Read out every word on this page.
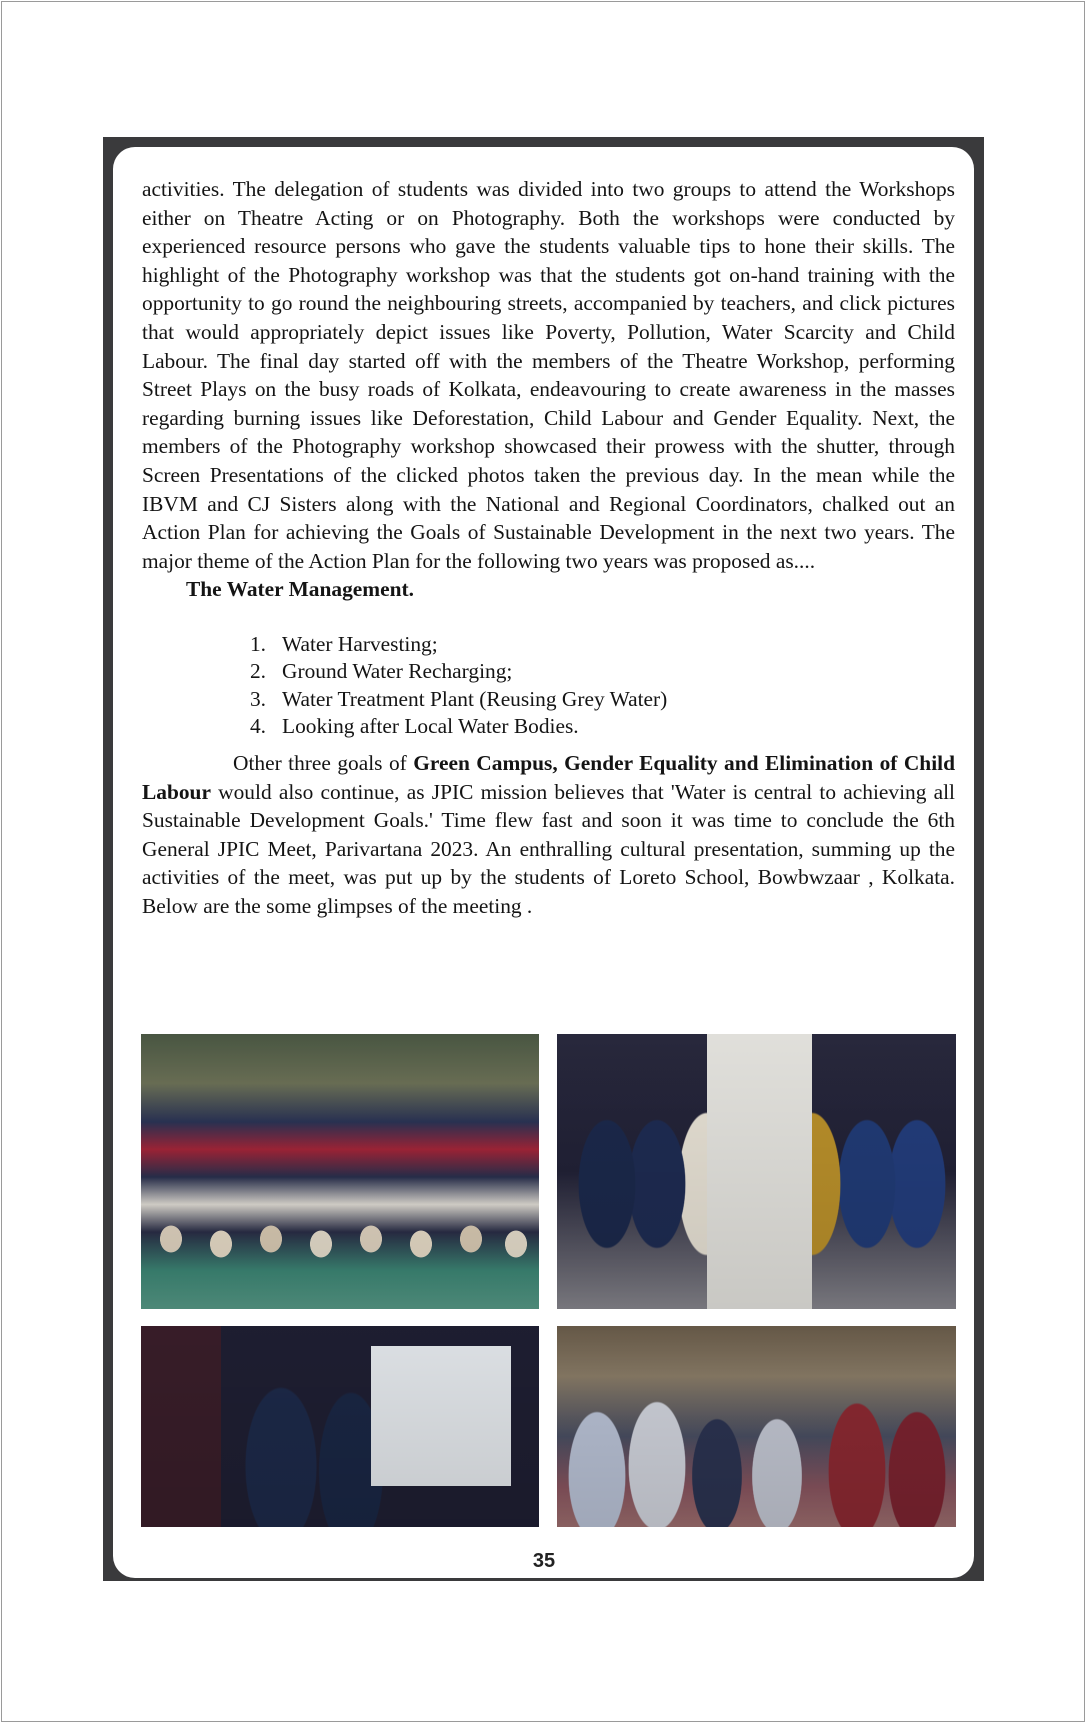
activities. The delegation of students was divided into two groups to attend the Workshops either on Theatre Acting or on Photography. Both the workshops were conducted by experienced resource persons who gave the students valuable tips to hone their skills. The highlight of the Photography workshop was that the students got on-hand training with the opportunity to go round the neighbouring streets, accompanied by teachers, and click pictures that would appropriately depict issues like Poverty, Pollution, Water Scarcity and Child Labour. The final day started off with the members of the Theatre Workshop, performing Street Plays on the busy roads of Kolkata, endeavouring to create awareness in the masses regarding burning issues like Deforestation, Child Labour and Gender Equality. Next, the members of the Photography workshop showcased their prowess with the shutter, through Screen Presentations of the clicked photos taken the previous day. In the mean while the IBVM and CJ Sisters along with the National and Regional Coordinators, chalked out an Action Plan for achieving the Goals of Sustainable Development in the next two years. The major theme of the Action Plan for the following two years was proposed as....

The Water Management.

1. Water Harvesting;
2. Ground Water Recharging;
3. Water Treatment Plant (Reusing Grey Water)
4. Looking after Local Water Bodies.

Other three goals of Green Campus, Gender Equality and Elimination of Child Labour would also continue, as JPIC mission believes that 'Water is central to achieving all Sustainable Development Goals.' Time flew fast and soon it was time to conclude the 6th General JPIC Meet, Parivartana 2023. An enthralling cultural presentation, summing up the activities of the meet, was put up by the students of Loreto School, Bowbwzaar , Kolkata. Below are the some glimpses of the meeting .

35
